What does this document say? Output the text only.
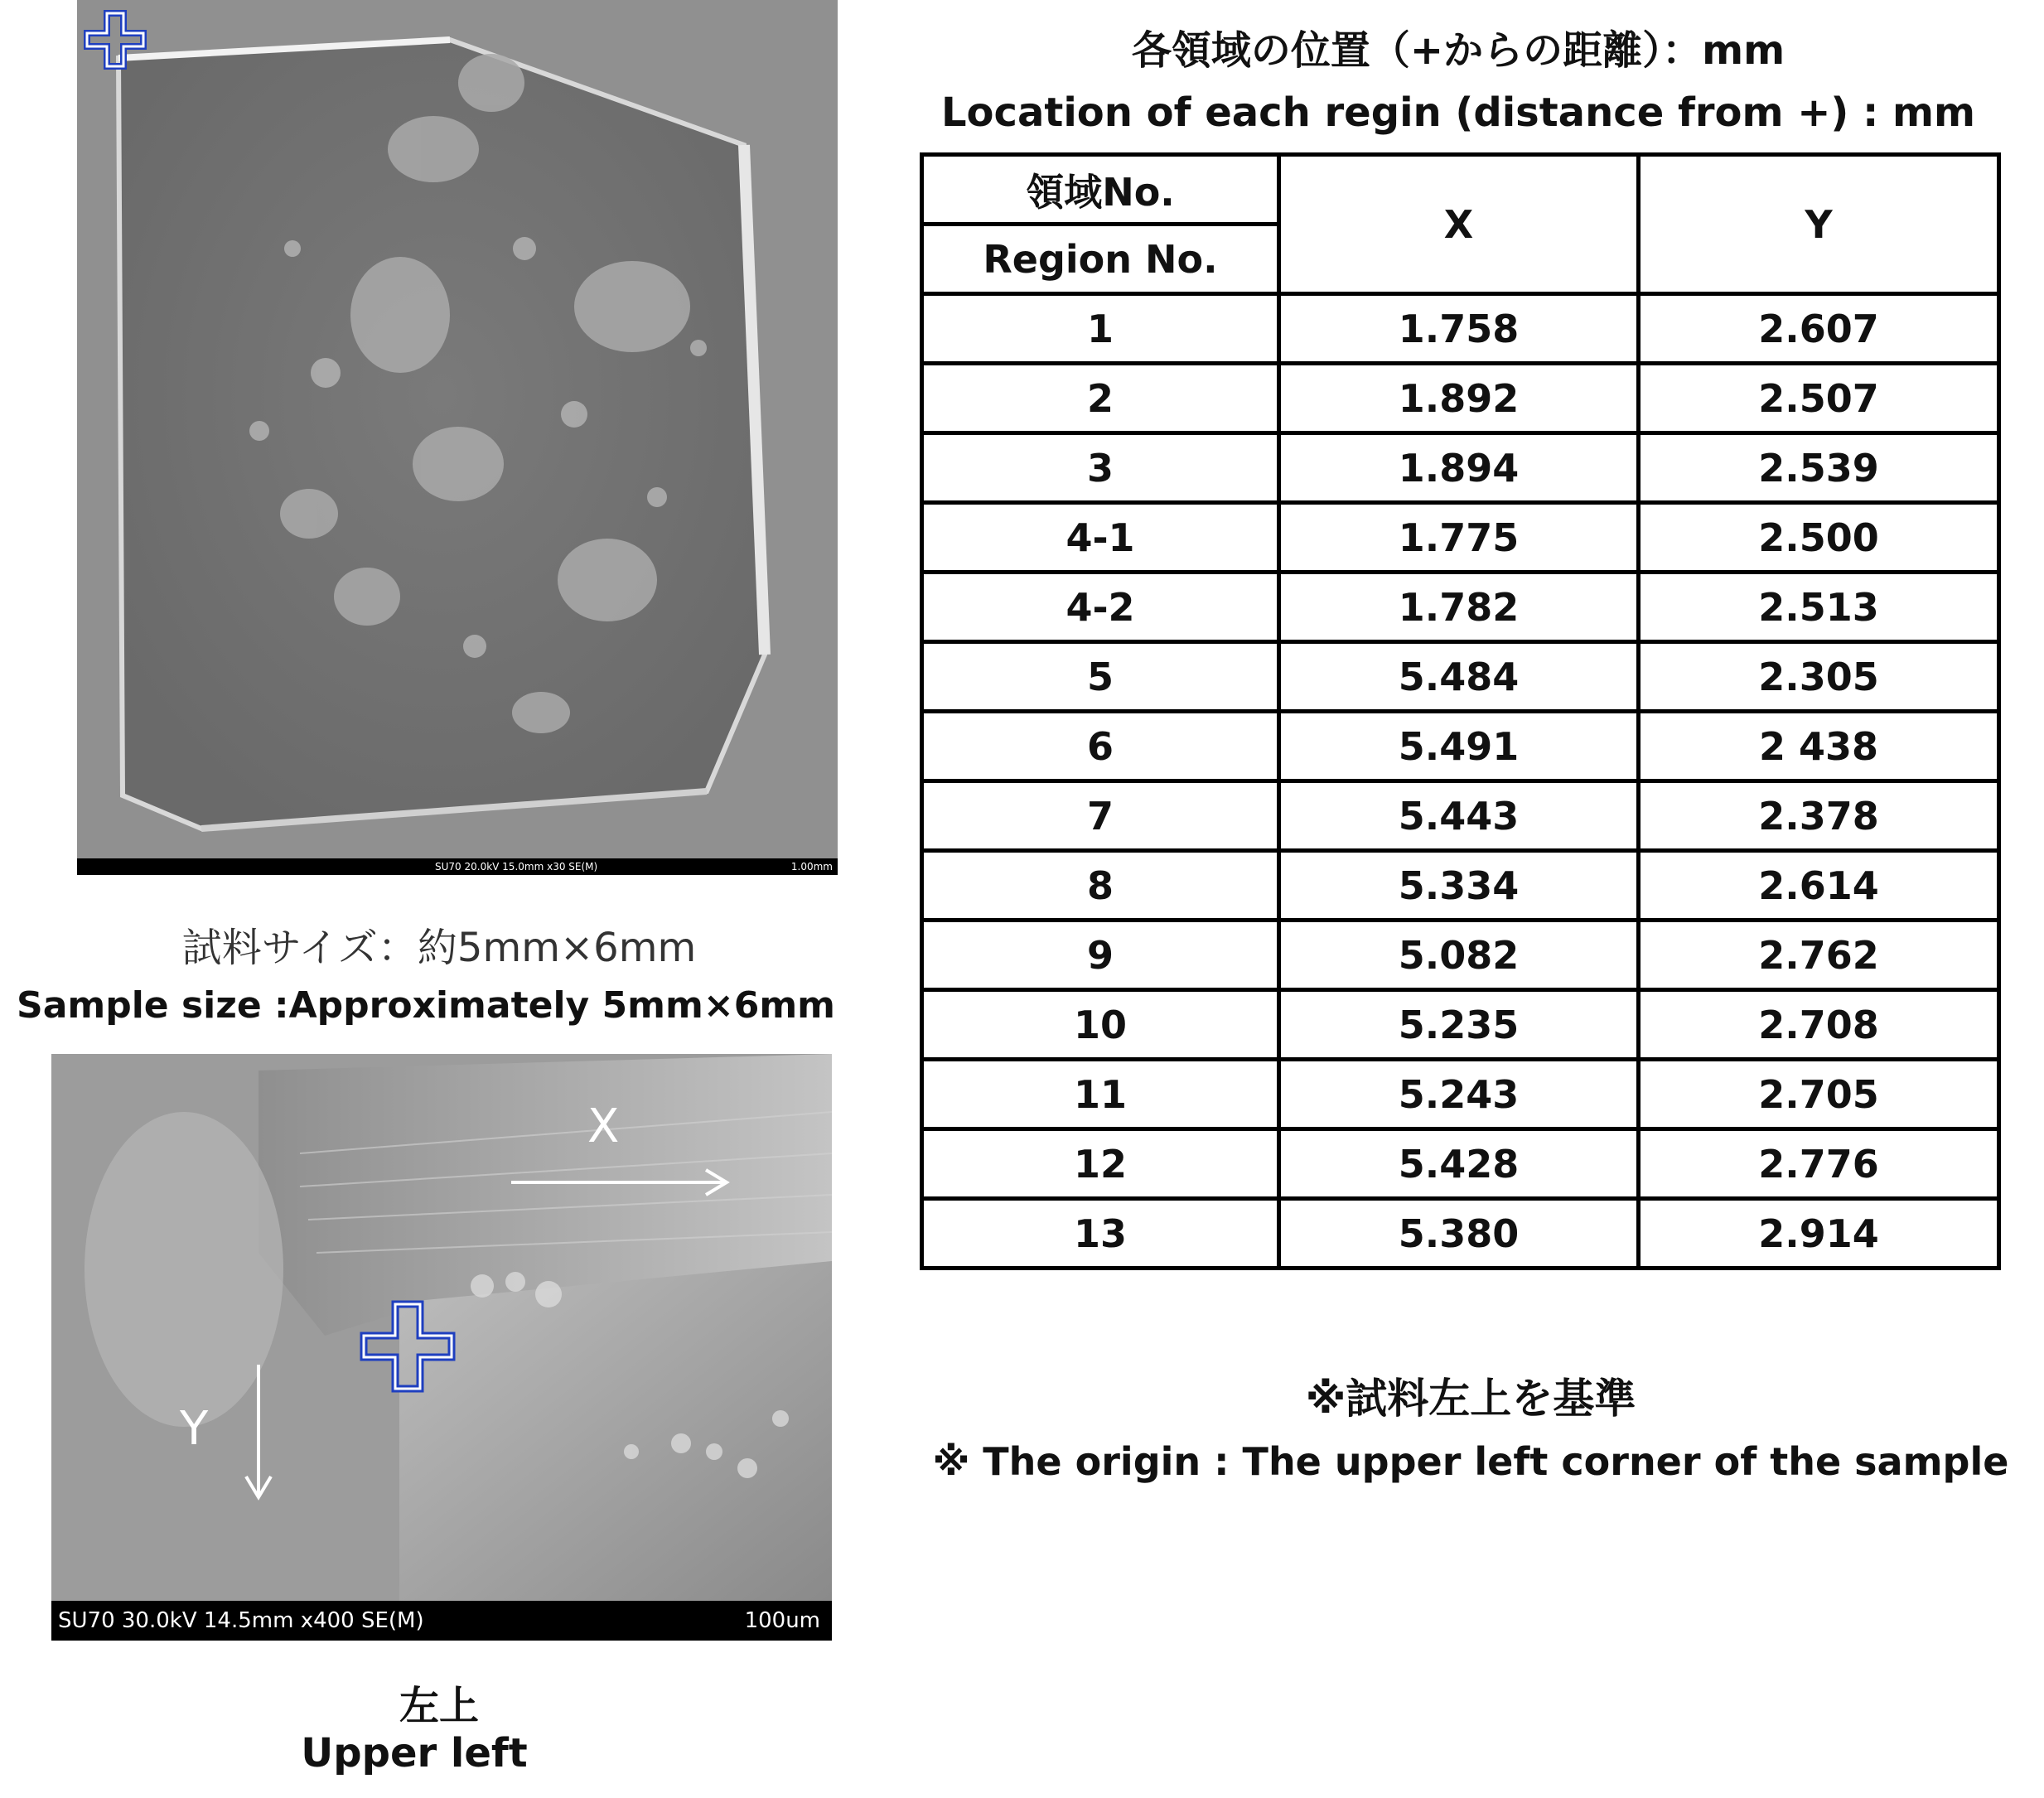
各領域の位置（+からの距離）：mm
Location of each regin (distance from +) : mm
SU70 20.0kV 15.0mm x30 SE(M)	1.00mm
試料サイズ：約5mm×6mm
Sample size :Approximately 5mm×6mm
X
Y
SU70 30.0kV 14.5mm x400 SE(M)	100um
左上
Upper left
領域No.	X	Y
Region No.		
1	1.758	2.607
2	1.892	2.507
3	1.894	2.539
4-1	1.775	2.500
4-2	1.782	2.513
5	5.484	2.305
6	5.491	2 438
7	5.443	2.378
8	5.334	2.614
9	5.082	2.762
10	5.235	2.708
11	5.243	2.705
12	5.428	2.776
13	5.380	2.914
※試料左上を基準
※ The origin : The upper left corner of the sample
